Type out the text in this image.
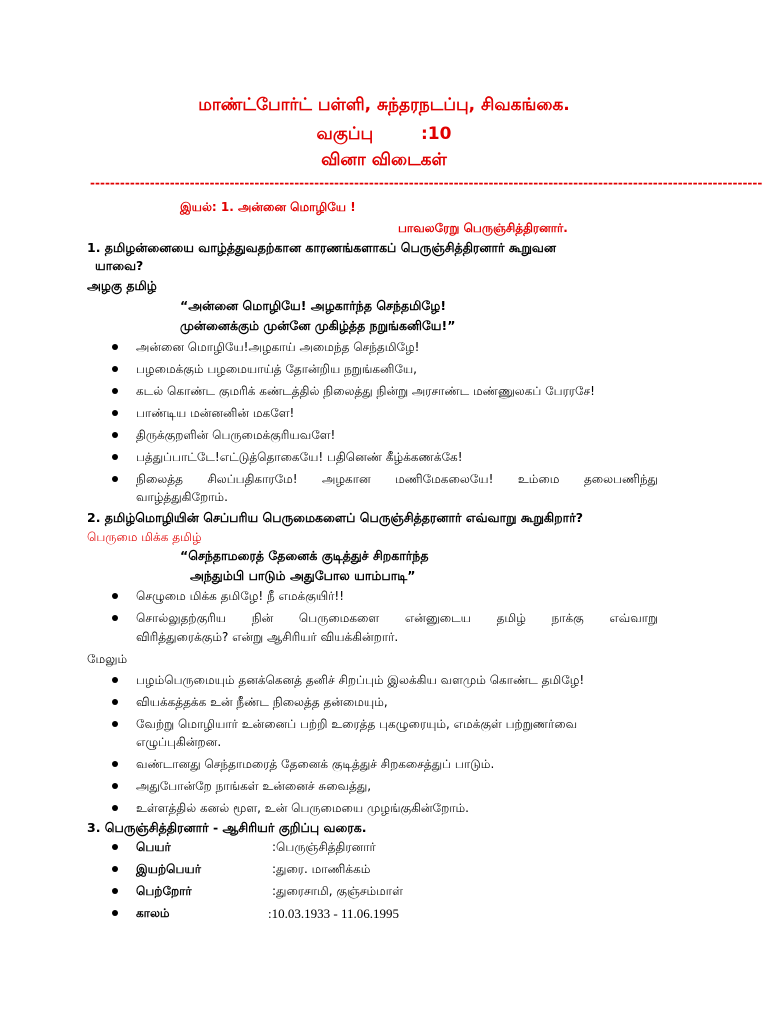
மாண்ட்போர்ட் பள்ளி, சுந்தரநடப்பு, சிவகங்கை.
வகுப்பு	:10
வினா விடைகள்
---------------------------------------------------------------------------------------------------------------------------------------
இயல்: 1. அன்னை மொழியே !
பாவலரேறு பெருஞ்சித்திரனார்.
1. தமிழன்னையை வாழ்த்துவதற்கான காரணங்களாகப் பெருஞ்சித்திரனார் கூறுவன
யாவை?
அழகு தமிழ்
“அன்னை மொழியே! அழகார்ந்த செந்தமிழே!
முன்னைக்கும் முன்னே முகிழ்த்த நறுங்கனியே!”
அன்னை மொழியே!அழகாய் அமைந்த செந்தமிழே!
பழமைக்கும் பழமையாய்த் தோன்றிய நறுங்கனியே,
கடல் கொண்ட குமரிக் கண்டத்தில் நிலைத்து நின்று அரசாண்ட மண்ணுலகப் பேரரசே!
பாண்டிய மன்னனின் மகளே!
திருக்குறளின் பெருமைக்குரியவளே!
பத்துப்பாட்டே!எட்டுத்தொகையே! பதினெண் கீழ்க்கணக்கே!
நிலைத்த சிலப்பதிகாரமே! அழகான மணிமேகலையே! உம்மை தலைபணிந்து
வாழ்த்துகிறோம்.
2. தமிழ்மொழியின் செப்பரிய பெருமைகளைப் பெருஞ்சித்தரனார் எவ்வாறு கூறுகிறார்?
பெருமை மிக்க தமிழ்
“செந்தாமரைத் தேனைக் குடித்துச் சிறகார்ந்த
அந்தும்பி பாடும் அதுபோல யாம்பாடி”
செழுமை மிக்க தமிழே! நீ எமக்குயிர்!!
சொல்லுதற்குரிய நின் பெருமைகளை என்னுடைய தமிழ் நாக்கு எவ்வாறு
விரித்துரைக்கும்? என்று ஆசிரியர் வியக்கின்றார்.
மேலும்
பழம்பெருமையும் தனக்கெனத் தனிச் சிறப்பும் இலக்கிய வளமும் கொண்ட தமிழே!
வியக்கத்தக்க உன் நீண்ட நிலைத்த தன்மையும்,
வேற்று மொழியார் உன்னைப் பற்றி உரைத்த புகழுரையும், எமக்குள் பற்றுணர்வை
எழுப்புகின்றன.
வண்டானது செந்தாமரைத் தேனைக் குடித்துச் சிறகசைத்துப் பாடும்.
அதுபோன்றே நாங்கள் உன்னைச் சுவைத்து,
உள்ளத்தில் கனல் மூள, உன் பெருமையை முழங்குகின்றோம்.
3. பெருஞ்சித்திரனார் - ஆசிரியர் குறிப்பு வரைக.
பெயர்	:பெருஞ்சித்திரனார்
இயற்பெயர்	:துரை. மாணிக்கம்
பெற்றோர்	:துரைசாமி, குஞ்சம்மாள்
காலம்	:10.03.1933 - 11.06.1995
